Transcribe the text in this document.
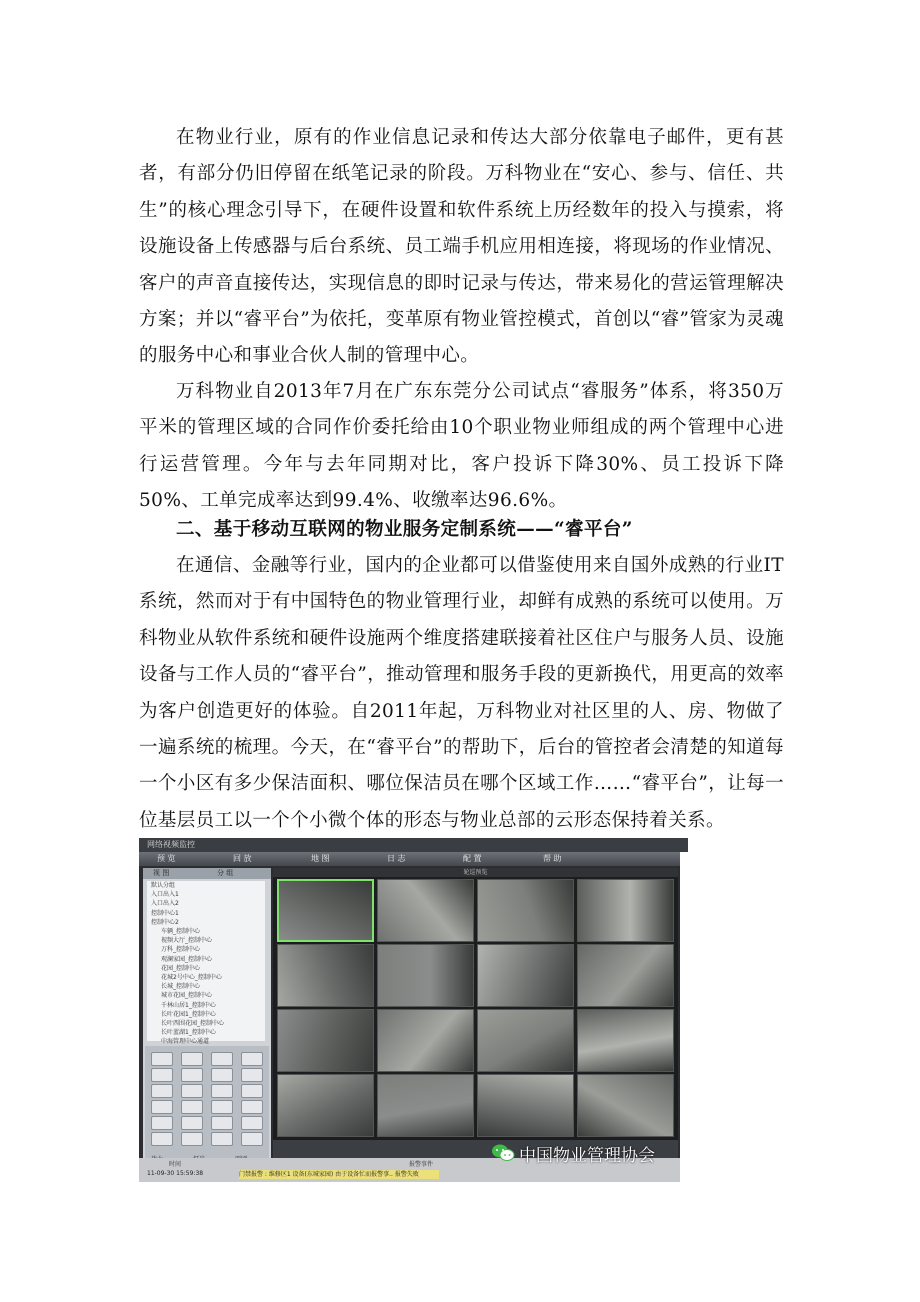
在物业行业，原有的作业信息记录和传达大部分依靠电子邮件，更有甚者，有部分仍旧停留在纸笔记录的阶段。万科物业在“安心、参与、信任、共生”的核心理念引导下，在硬件设置和软件系统上历经数年的投入与摸索，将设施设备上传感器与后台系统、员工端手机应用相连接，将现场的作业情况、客户的声音直接传达，实现信息的即时记录与传达，带来易化的营运管理解决方案；并以“睿平台”为依托，变革原有物业管控模式，首创以“睿”管家为灵魂的服务中心和事业合伙人制的管理中心。

万科物业自2013年7月在广东东莞分公司试点“睿服务”体系，将350万平米的管理区域的合同作价委托给由10个职业物业师组成的两个管理中心进行运营管理。今年与去年同期对比，客户投诉下降30%、员工投诉下降50%、工单完成率达到99.4%、收缴率达96.6%。

二、基于移动互联网的物业服务定制系统——“睿平台”

在通信、金融等行业，国内的企业都可以借鉴使用来自国外成熟的行业IT系统，然而对于有中国特色的物业管理行业，却鲜有成熟的系统可以使用。万科物业从软件系统和硬件设施两个维度搭建联接着社区住户与服务人员、设施设备与工作人员的“睿平台”，推动管理和服务手段的更新换代，用更高的效率为客户创造更好的体验。自2011年起，万科物业对社区里的人、房、物做了一遍系统的梳理。今天，在“睿平台”的帮助下，后台的管控者会清楚的知道每一个小区有多少保洁面积、哪位保洁员在哪个区域工作……“睿平台”，让每一位基层员工以一个个小微个体的形态与物业总部的云形态保持着关系。

网络视频监控
预 览	回 放	地 图	日 志	配 置	帮 助
视 图	分 组
默认分组
入口出入1
入口出入2
控制中心1
控制中心2
车辆_控制中心
视频大厅_控制中心
万科_控制中心
观澜家园_控制中心
花园_控制中心
花城2号中心_控制中心
长城_控制中心
城市花园_控制中心
千林山居1_控制中心
长叶花园1_控制中心
长叶西围花园_控制中心
长叶蓝湖1_控制中心
中海管理中心通道
轮巡预览
报警事件
时间
11-09-30 15:59:38	门禁报警 : 维修区1 设备(东城家园) 由于设备忙而报警事.. 报警失败
中国物业管理协会
